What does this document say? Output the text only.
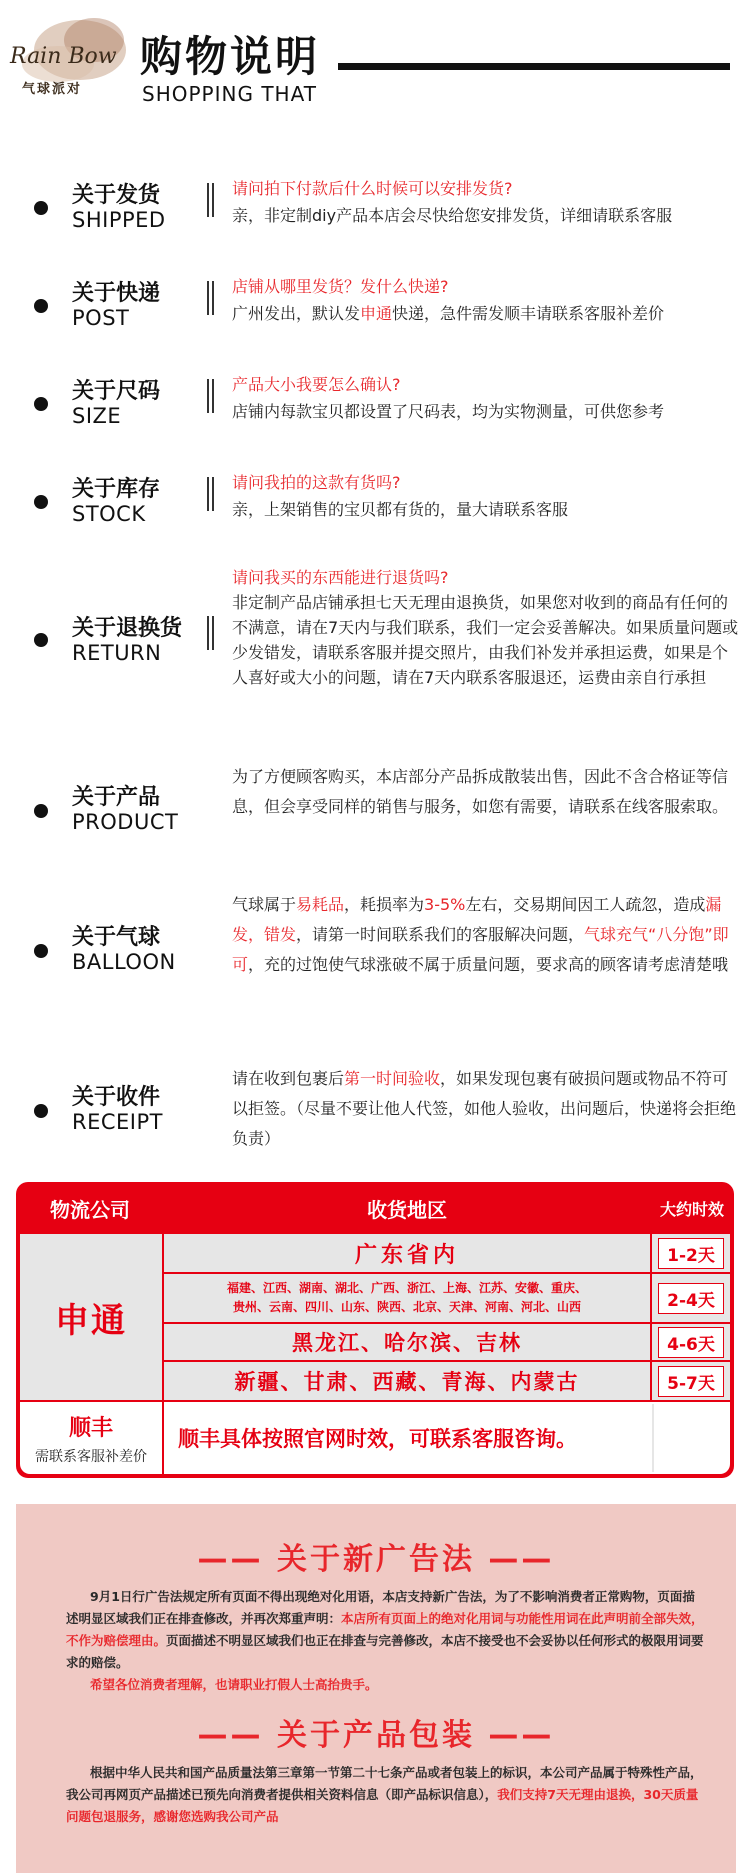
Rain Bow
气球派对
购物说明
SHOPPING THAT
关于发货
SHIPPED
请问拍下付款后什么时候可以安排发货?
亲，非定制diy产品本店会尽快给您安排发货，详细请联系客服
关于快递
POST
店铺从哪里发货？发什么快递?
广州发出，默认发申通快递，急件需发顺丰请联系客服补差价
关于尺码
SIZE
产品大小我要怎么确认?
店铺内每款宝贝都设置了尺码表，均为实物测量，可供您参考
关于库存
STOCK
请问我拍的这款有货吗?
亲，上架销售的宝贝都有货的，量大请联系客服
关于退换货
RETURN
请问我买的东西能进行退货吗?
非定制产品店铺承担七天无理由退换货，如果您对收到的商品有任何的不满意，请在7天内与我们联系，我们一定会妥善解决。如果质量问题或少发错发，请联系客服并提交照片，由我们补发并承担运费，如果是个人喜好或大小的问题，请在7天内联系客服退还，运费由亲自行承担
关于产品
PRODUCT
为了方便顾客购买，本店部分产品拆成散装出售，因此不含合格证等信息，但会享受同样的销售与服务，如您有需要，请联系在线客服索取。
关于气球
BALLOON
气球属于易耗品，耗损率为3-5%左右，交易期间因工人疏忽，造成漏发，错发，请第一时间联系我们的客服解决问题，气球充气“八分饱”即可，充的过饱使气球涨破不属于质量问题，要求高的顾客请考虑清楚哦
关于收件
RECEIPT
请在收到包裹后第一时间验收，如果发现包裹有破损问题或物品不符可以拒签。（尽量不要让他人代签，如他人验收，出问题后，快递将会拒绝负责）
物流公司	收货地区	大约时效
申通
广东省内	1-2天
福建、江西、湖南、湖北、广西、浙江、上海、江苏、安徽、重庆、
贵州、云南、四川、山东、陕西、北京、天津、河南、河北、山西	2-4天
黑龙江、哈尔滨、吉林	4-6天
新疆、甘肃、西藏、青海、内蒙古	5-7天
顺丰
需联系客服补差价
顺丰具体按照官网时效，可联系客服咨询。
—— 关于新广告法 ——
9月1日行广告法规定所有页面不得出现绝对化用语，本店支持新广告法，为了不影响消费者正常购物，页面描述明显区域我们正在排查修改，并再次郑重声明：本店所有页面上的绝对化用词与功能性用词在此声明前全部失效，不作为赔偿理由。页面描述不明显区域我们也正在排查与完善修改，本店不接受也不会妥协以任何形式的极限用词要求的赔偿。
希望各位消费者理解，也请职业打假人士高抬贵手。
—— 关于产品包装 ——
根据中华人民共和国产品质量法第三章第一节第二十七条产品或者包装上的标识，本公司产品属于特殊性产品，我公司再网页产品描述已预先向消费者提供相关资料信息（即产品标识信息），我们支持7天无理由退换，30天质量问题包退服务，感谢您选购我公司产品
